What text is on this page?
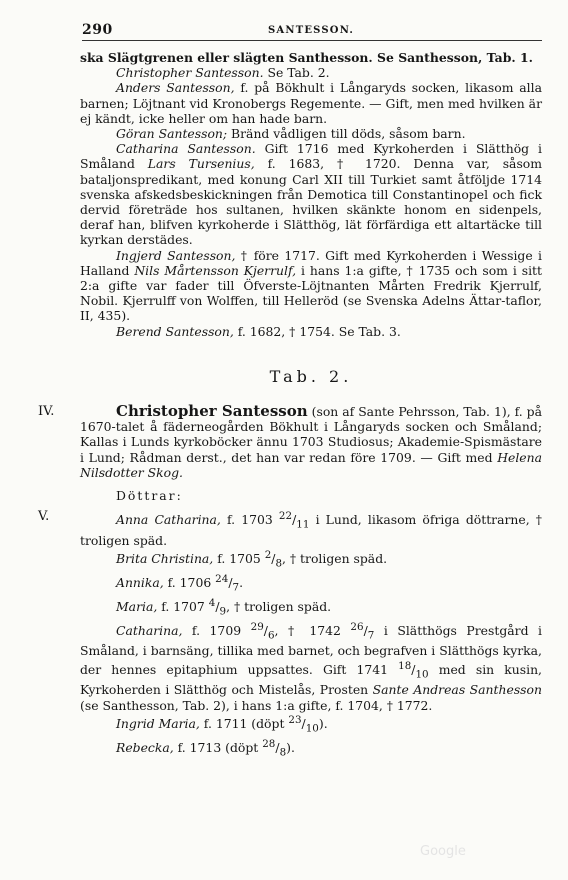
290	SANTESSON.

ska Slägtgrenen eller slägten Santhesson. Se Santhesson, Tab. 1.

Christopher Santesson. Se Tab. 2.

Anders Santesson, f. på Bökhult i Långaryds socken, likasom alla barnen; Löjtnant vid Kronobergs Regemente. — Gift, men med hvilken är ej kändt, icke heller om han hade barn.

Göran Santesson; Bränd vådligen till döds, såsom barn.

Catharina Santesson. Gift 1716 med Kyrkoherden i Slätthög i Småland Lars Tursenius, f. 1683, † 1720. Denna var, såsom bataljonspredikant, med konung Carl XII till Turkiet samt åtföljde 1714 svenska afskedsbeskickningen från Demotica till Constantinopel och fick dervid företräde hos sultanen, hvilken skänkte honom en sidenpels, deraf han, blifven kyrkoherde i Slätthög, lät förfärdiga ett altartäcke till kyrkan derstädes.

Ingjerd Santesson, † före 1717. Gift med Kyrkoherden i Wessige i Halland Nils Mårtensson Kjerrulf, i hans 1:a gifte, † 1735 och som i sitt 2:a gifte var fader till Öfverste-Löjtnanten Mårten Fredrik Kjerrulf, Nobil. Kjerrulff von Wolffen, till Helleröd (se Svenska Adelns Ättar-taflor, II, 435).

Berend Santesson, f. 1682, † 1754. Se Tab. 3.

Tab. 2.
IV.	Christopher Santesson (son af Sante Pehrsson, Tab. 1), f. på 1670-talet å fäderneogården Bökhult i Långaryds socken och Småland; Kallas i Lunds kyrkoböcker ännu 1703 Studiosus; Akademie-Spismästare i Lund; Rådman derst., det han var redan före 1709. — Gift med Helena Nilsdotter Skog.

Döttrar:

V.	Anna Catharina, f. 1703 $^{22}/_{11}$ i Lund, likasom öfriga döttrarne, † troligen späd.

Brita Christina, f. 1705 $^2/_8$, † troligen späd.

Annika, f. 1706 $^{24}/_7$.

Maria, f. 1707 $^4/_9$, † troligen späd.

Catharina, f. 1709 $^{29}/_6$, † 1742 $^{26}/_7$ i Slätthögs Prestgård i Småland, i barnsäng, tillika med barnet, och begrafven i Slätthögs kyrka, der hennes epitaphium uppsattes. Gift 1741 $^{18}/_{10}$ med sin kusin, Kyrkoherden i Slätthög och Mistelås, Prosten Sante Andreas Santhesson (se Santhesson, Tab. 2), i hans 1:a gifte, f. 1704, † 1772.

Ingrid Maria, f. 1711 (döpt $^{23}/_{10}$).

Rebecka, f. 1713 (döpt $^{28}/_8$).

Google
